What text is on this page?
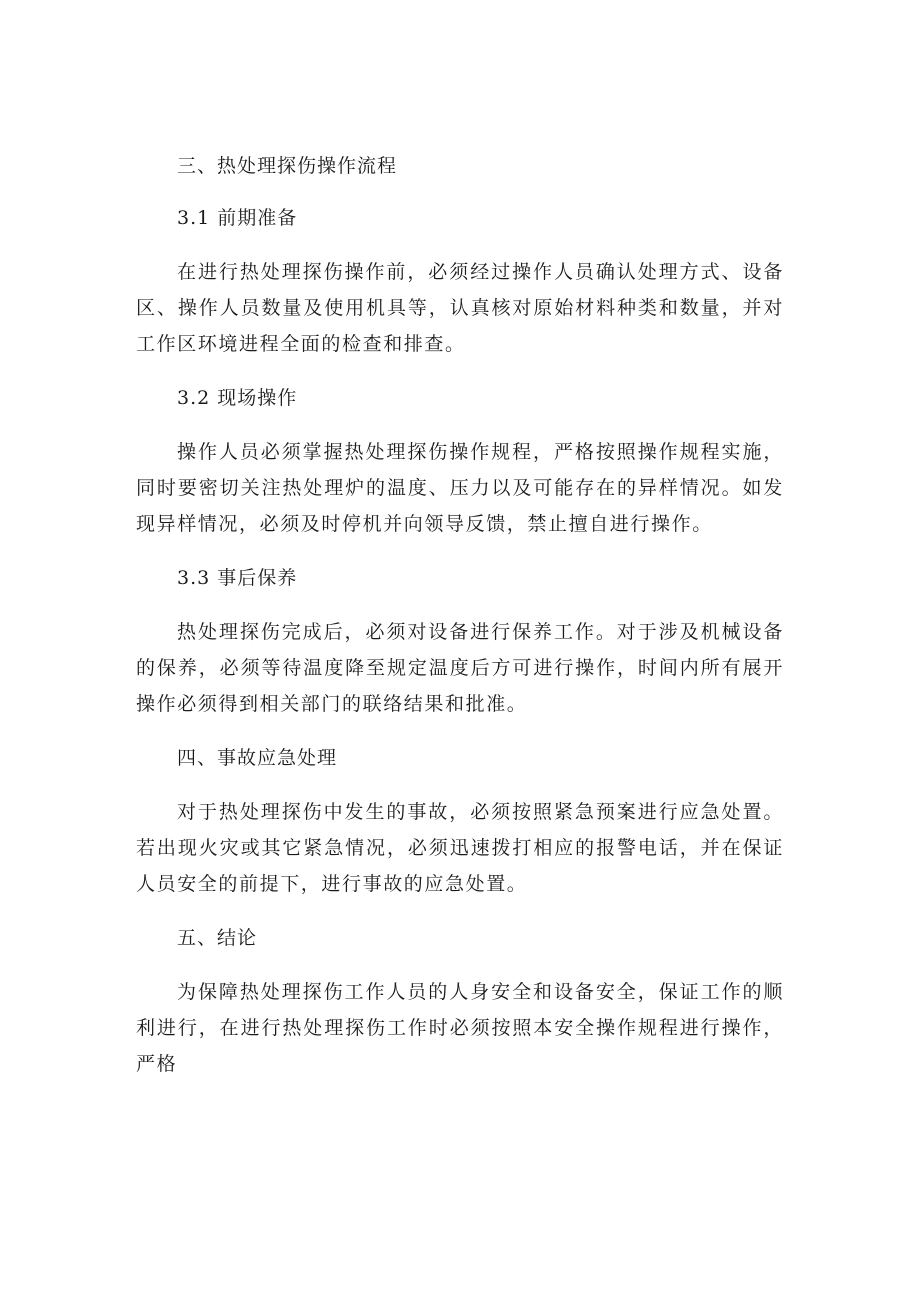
三、热处理探伤操作流程

3.1 前期准备

在进行热处理探伤操作前，必须经过操作人员确认处理方式、设备区、操作人员数量及使用机具等，认真核对原始材料种类和数量，并对工作区环境进程全面的检查和排查。

3.2 现场操作

操作人员必须掌握热处理探伤操作规程，严格按照操作规程实施，同时要密切关注热处理炉的温度、压力以及可能存在的异样情况。如发现异样情况，必须及时停机并向领导反馈，禁止擅自进行操作。

3.3 事后保养

热处理探伤完成后，必须对设备进行保养工作。对于涉及机械设备的保养，必须等待温度降至规定温度后方可进行操作，时间内所有展开操作必须得到相关部门的联络结果和批准。

四、事故应急处理

对于热处理探伤中发生的事故，必须按照紧急预案进行应急处置。若出现火灾或其它紧急情况，必须迅速拨打相应的报警电话，并在保证人员安全的前提下，进行事故的应急处置。

五、结论

为保障热处理探伤工作人员的人身安全和设备安全，保证工作的顺利进行，在进行热处理探伤工作时必须按照本安全操作规程进行操作，严格
